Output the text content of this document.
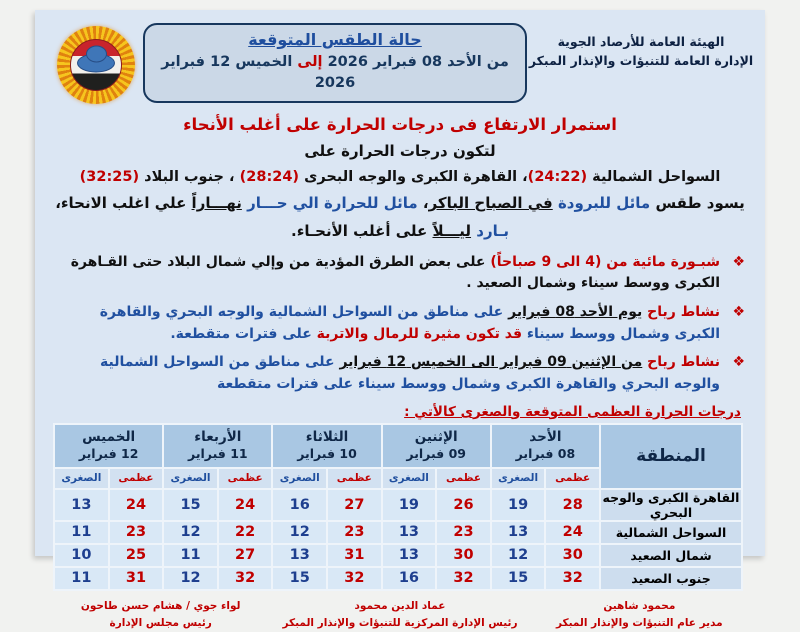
الهيئة العامة للأرصاد الجوية
الإدارة العامة للتنبؤات والإنذار المبكر
حالة الطقس المتوقعة
من الأحد 08 فبراير 2026 إلى الخميس 12 فبراير 2026
استمرار الارتفاع فى درجات الحرارة على أغلب الأنحاء
لتكون درجات الحرارة على
السواحل الشمالية (24:22)، القاهرة الكبرى والوجه البحرى (28:24) ، جنوب البلاد (32:25)
يسود طقس مائل للبرودة في الصباح الباكر، مائل للحرارة الي حـــار نهـــاراً علي اغلب الانحاء،
بـارد ليـــلاً على أغلب الأنحـاء.
❖
شبـورة مائية من (4 الى 9 صباحاً) على بعض الطرق المؤدية من وإلي شمال البلاد حتى القـاهرة الكبرى ووسط سيناء وشمال الصعيد .
❖
نشاط رياح يوم الأحد 08 فبراير على مناطق من السواحل الشمالية والوجه البحري والقاهرة الكبرى وشمال ووسط سيناء قد تكون مثيرة للرمال والاتربة على فترات متقطعة.
❖
نشاط رياح من الإثنين 09 فبراير الى الخميس 12 فبراير على مناطق من السواحل الشمالية والوجه البحري والقاهرة الكبرى وشمال ووسط سيناء على فترات متقطعة
درجات الحرارة العظمى المتوقعة والصغرى كالأتي :
المنطقة	
الأحد
08 فبراير

الإثنين
09 فبراير

الثلاثاء
10 فبراير

الأربعاء
11 فبراير

الخميس
12 فبراير

	عظمى	الصغرى	عظمى	الصغرى	عظمى	الصغرى	عظمى	الصغرى	عظمى	الصغرى
القاهرة الكبرى والوجه البحري	28	19	26	19	27	16	24	15	24	13
السواحل الشمالية	24	13	23	13	23	12	22	12	23	11
شمال الصعيد	30	12	30	13	31	13	27	11	25	10
جنوب الصعيد	32	15	32	16	32	15	32	12	31	11
محمود شاهين
مدير عام التنبؤات والإنذار المبكر
عماد الدين محمود
رئيس الإدارة المركزية للتنبؤات والإنذار المبكر
لواء جوي / هشام حسن طاحون
رئيس مجلس الإدارة
